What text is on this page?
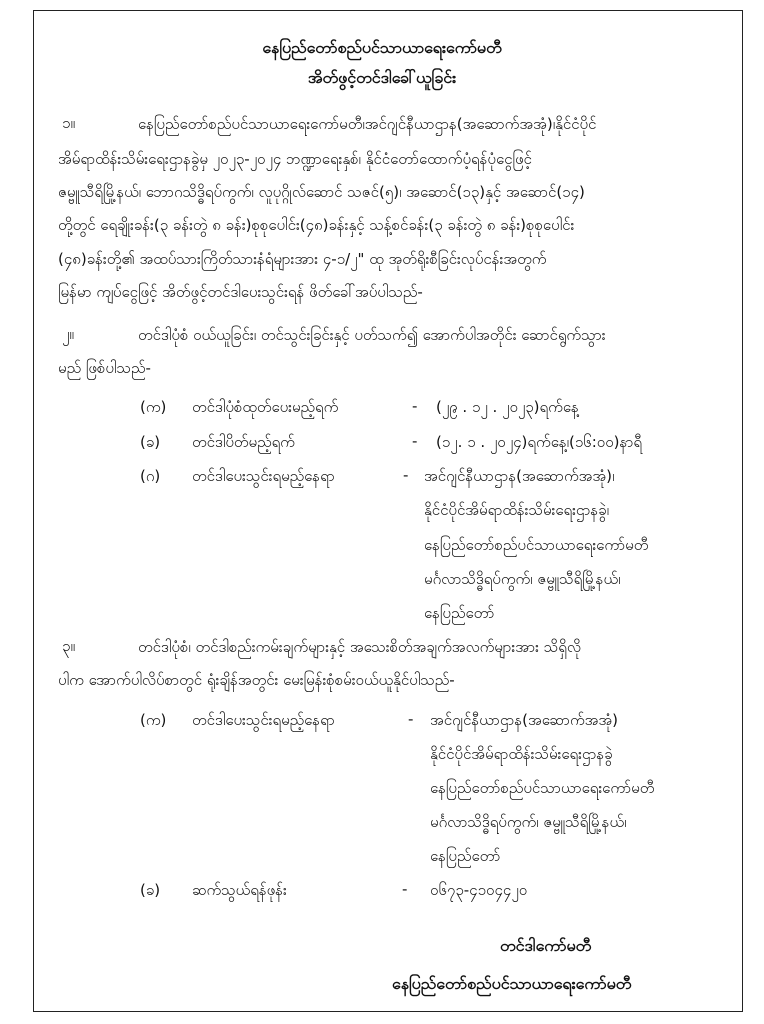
နေပြည်တော်စည်ပင်သာယာရေးကော်မတီ
အိတ်ဖွင့်တင်ဒါခေါ်ယူခြင်း
၁။	နေပြည်တော်စည်ပင်သာယာရေးကော်မတီ၊အင်ဂျင်နီယာဌာန(အဆောက်အအုံ)၊နိုင်ငံပိုင်
အိမ်ရာထိန်းသိမ်းရေးဌာနခွဲမှ ၂၀၂၃-၂၀၂၄ ဘဏ္ဍာရေးနှစ်၊ နိုင်ငံတော်ထောက်ပံ့ရန်ပုံငွေဖြင့်
ဇမ္ဗူသီရိမြို့နယ်၊ ဘောဂသိဒ္ဓိရပ်ကွက်၊ လူပုဂ္ဂိုလ်ဆောင် သဇင်(၅)၊ အဆောင်(၁၃)နှင့် အဆောင်(၁၄)
တို့တွင် ရေချိုးခန်း(၃ ခန်းတွဲ ၈ ခန်း)စုစုပေါင်း(၄၈)ခန်းနှင့် သန့်စင်ခန်း(၃ ခန်းတွဲ ၈ ခန်း)စုစုပေါင်း
(၄၈)ခန်းတို့၏ အထပ်သားကြိတ်သားနံရံများအား ၄-၁/၂" ထု အုတ်ရိုးစီခြင်းလုပ်ငန်းအတွက်
မြန်မာ ကျပ်ငွေဖြင့် အိတ်ဖွင့်တင်ဒါပေးသွင်းရန် ဖိတ်ခေါ်အပ်ပါသည်-
၂။	တင်ဒါပုံစံ ဝယ်ယူခြင်း၊ တင်သွင်းခြင်းနှင့် ပတ်သက်၍ အောက်ပါအတိုင်း ဆောင်ရွက်သွား
မည် ဖြစ်ပါသည်-
(က) တင်ဒါပုံစံထုတ်ပေးမည့်ရက်	- (၂၉ . ၁၂ . ၂၀၂၃)ရက်နေ့
(ခ) တင်ဒါပိတ်မည့်ရက်	- (၁၂. ၁ . ၂၀၂၄)ရက်နေ့၊(၁၆:၀၀)နာရီ
(ဂ) တင်ဒါပေးသွင်းရမည့်နေရာ	- အင်ဂျင်နီယာဌာန(အဆောက်အအုံ)၊
နိုင်ငံပိုင်အိမ်ရာထိန်းသိမ်းရေးဌာနခွဲ၊
နေပြည်တော်စည်ပင်သာယာရေးကော်မတီ
မင်္ဂလာသိဒ္ဓိရပ်ကွက်၊ ဇမ္ဗူသီရိမြို့နယ်၊
နေပြည်တော်
၃။	တင်ဒါပုံစံ၊ တင်ဒါစည်းကမ်းချက်များနှင့် အသေးစိတ်အချက်အလက်များအား သိရှိလို
ပါက အောက်ပါလိပ်စာတွင် ရုံးချိန်အတွင်း မေးမြန်းစုံစမ်းဝယ်ယူနိုင်ပါသည်-
(က) တင်ဒါပေးသွင်းရမည့်နေရာ	- အင်ဂျင်နီယာဌာန(အဆောက်အအုံ)
နိုင်ငံပိုင်အိမ်ရာထိန်းသိမ်းရေးဌာနခွဲ
နေပြည်တော်စည်ပင်သာယာရေးကော်မတီ
မင်္ဂလာသိဒ္ဓိရပ်ကွက်၊ ဇမ္ဗူသီရိမြို့နယ်၊
နေပြည်တော်
(ခ) ဆက်သွယ်ရန်ဖုန်း	- ၀၆၇၃-၄၁၀၄၄၂၀
တင်ဒါကော်မတီ
နေပြည်တော်စည်ပင်သာယာရေးကော်မတီ
